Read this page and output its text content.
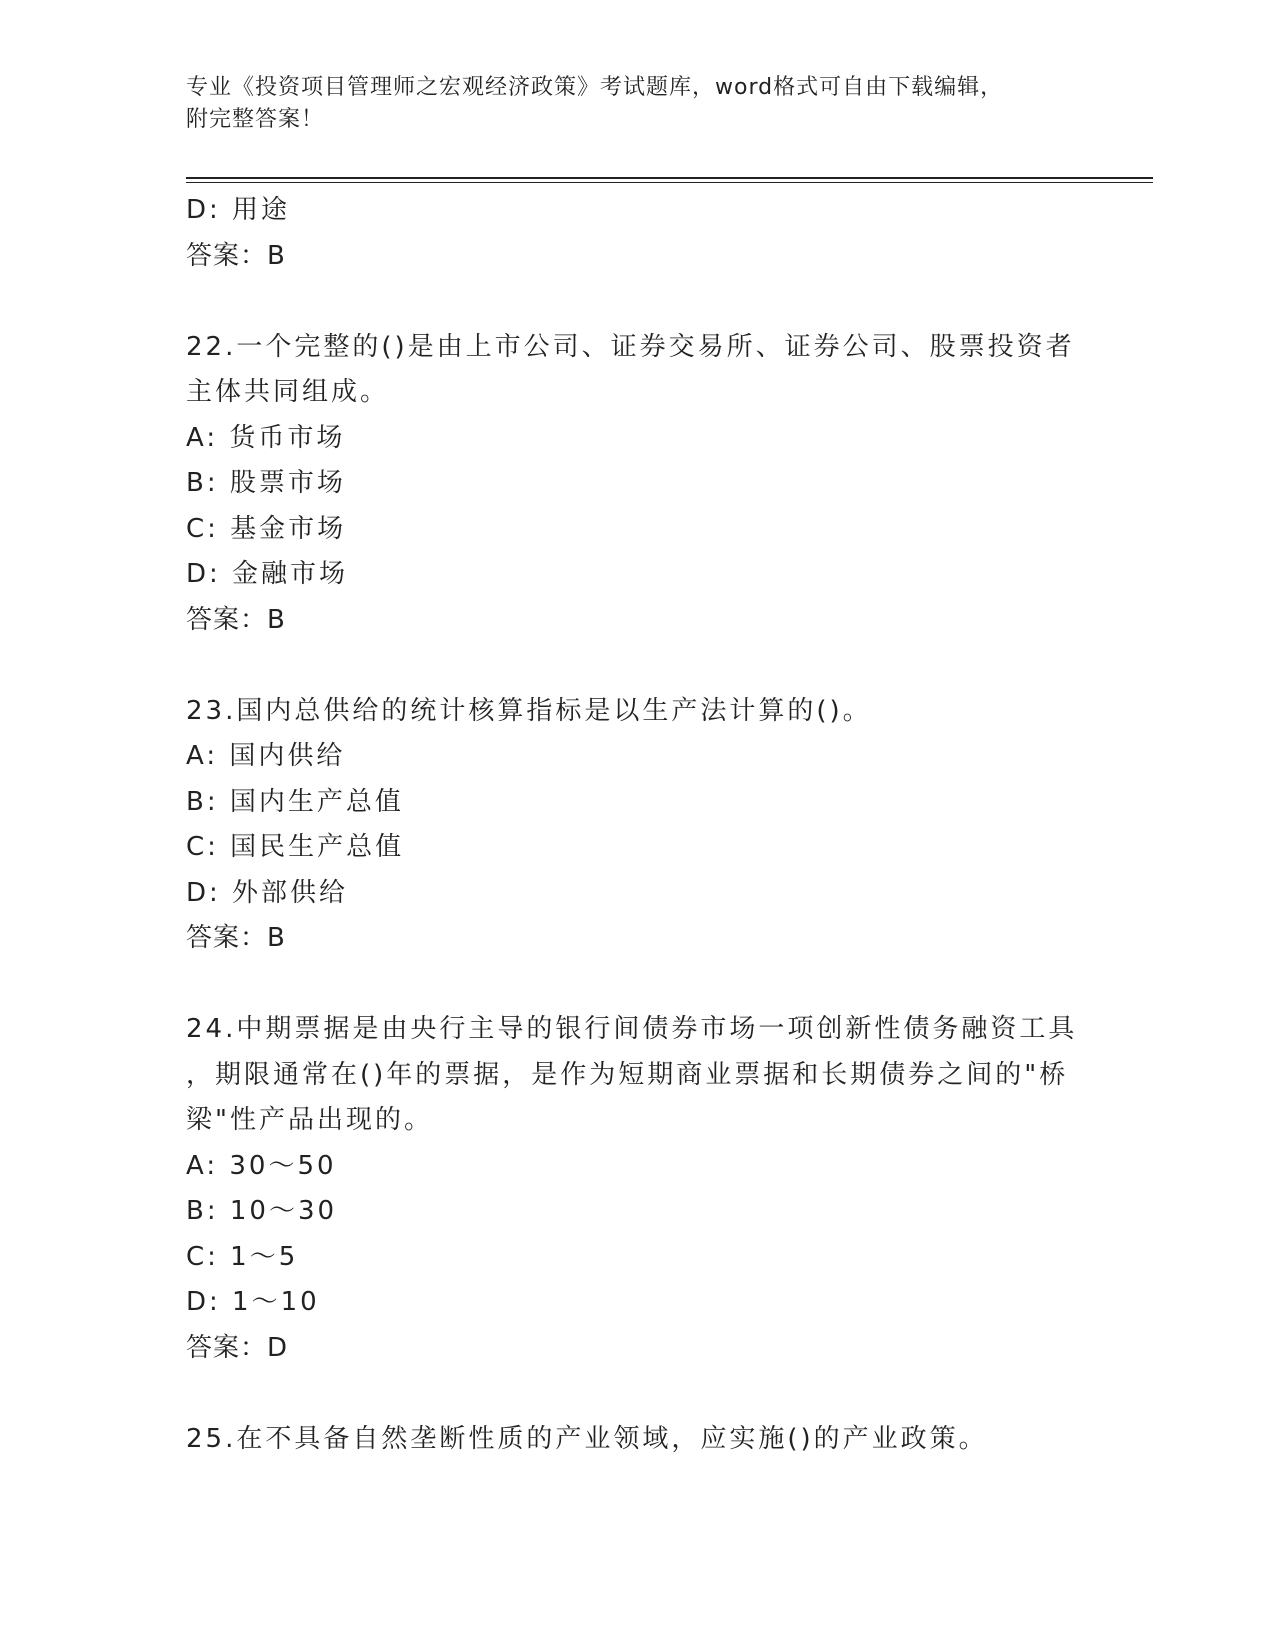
专业《投资项目管理师之宏观经济政策》考试题库，word格式可自由下载编辑，
附完整答案！
D: 用途
答案：B
22.一个完整的()是由上市公司、证券交易所、证券公司、股票投资者
主体共同组成。
A: 货币市场
B: 股票市场
C: 基金市场
D: 金融市场
答案：B
23.国内总供给的统计核算指标是以生产法计算的()。
A: 国内供给
B: 国内生产总值
C: 国民生产总值
D: 外部供给
答案：B
24.中期票据是由央行主导的银行间债券市场一项创新性债务融资工具
，期限通常在()年的票据，是作为短期商业票据和长期债券之间的"桥
梁"性产品出现的。
A: 30～50
B: 10～30
C: 1～5
D: 1～10
答案：D
25.在不具备自然垄断性质的产业领域，应实施()的产业政策。
